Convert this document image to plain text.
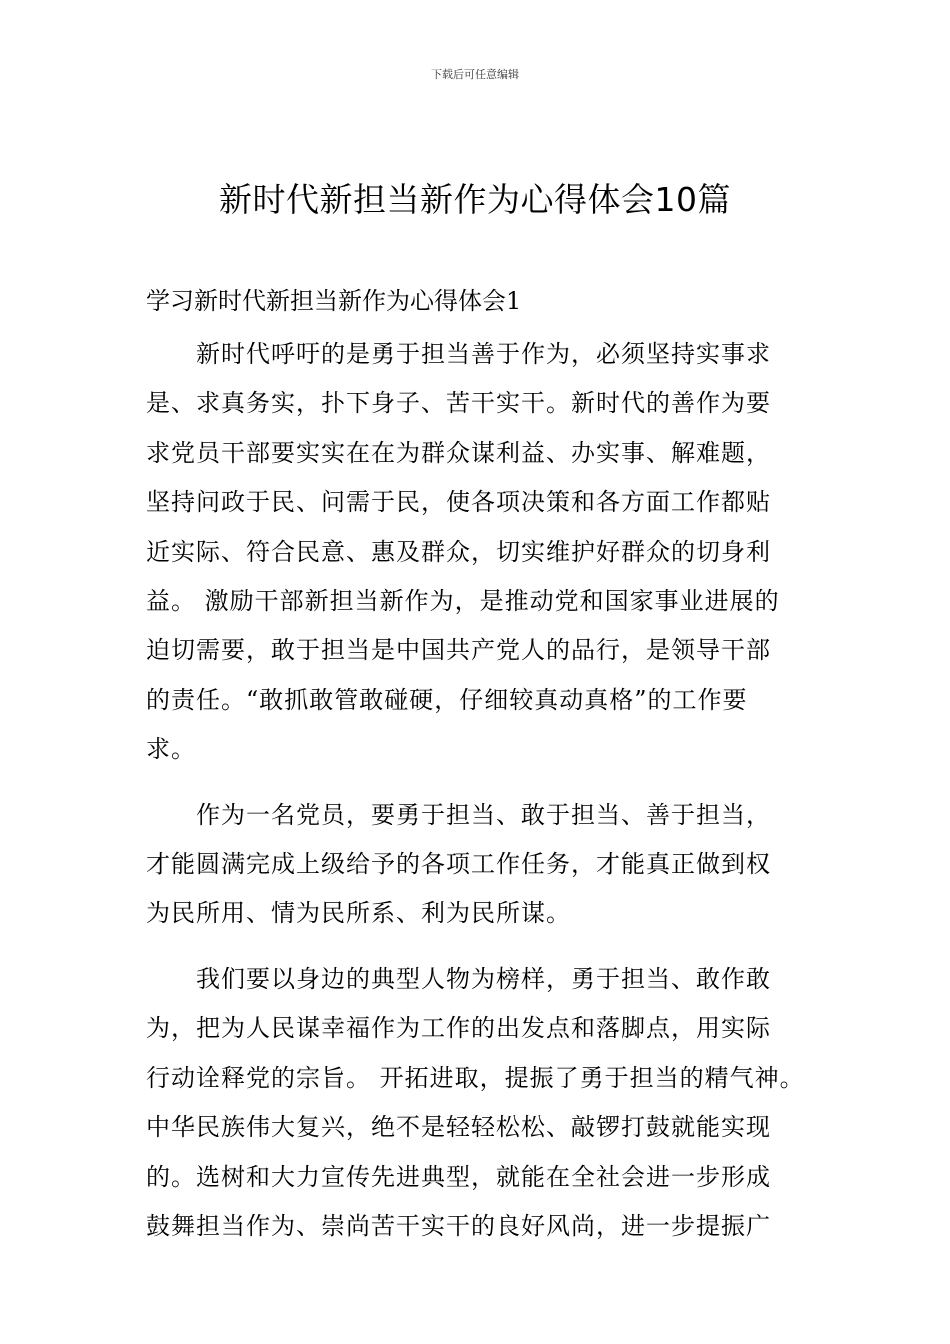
下载后可任意编辑
新时代新担当新作为心得体会10篇
学习新时代新担当新作为心得体会1

新时代呼吁的是勇于担当善于作为，必须坚持实事求
是、求真务实，扑下身子、苦干实干。新时代的善作为要
求党员干部要实实在在为群众谋利益、办实事、解难题，
坚持问政于民、问需于民，使各项决策和各方面工作都贴
近实际、符合民意、惠及群众，切实维护好群众的切身利
益。 激励干部新担当新作为，是推动党和国家事业进展的
迫切需要，敢于担当是中国共产党人的品行，是领导干部
的责任。“敢抓敢管敢碰硬，仔细较真动真格”的工作要
求。

作为一名党员，要勇于担当、敢于担当、善于担当，
才能圆满完成上级给予的各项工作任务，才能真正做到权
为民所用、情为民所系、利为民所谋。

我们要以身边的典型人物为榜样，勇于担当、敢作敢
为，把为人民谋幸福作为工作的出发点和落脚点，用实际
行动诠释党的宗旨。 开拓进取，提振了勇于担当的精气神。
中华民族伟大复兴，绝不是轻轻松松、敲锣打鼓就能实现
的。选树和大力宣传先进典型，就能在全社会进一步形成
鼓舞担当作为、崇尚苦干实干的良好风尚，进一步提振广
